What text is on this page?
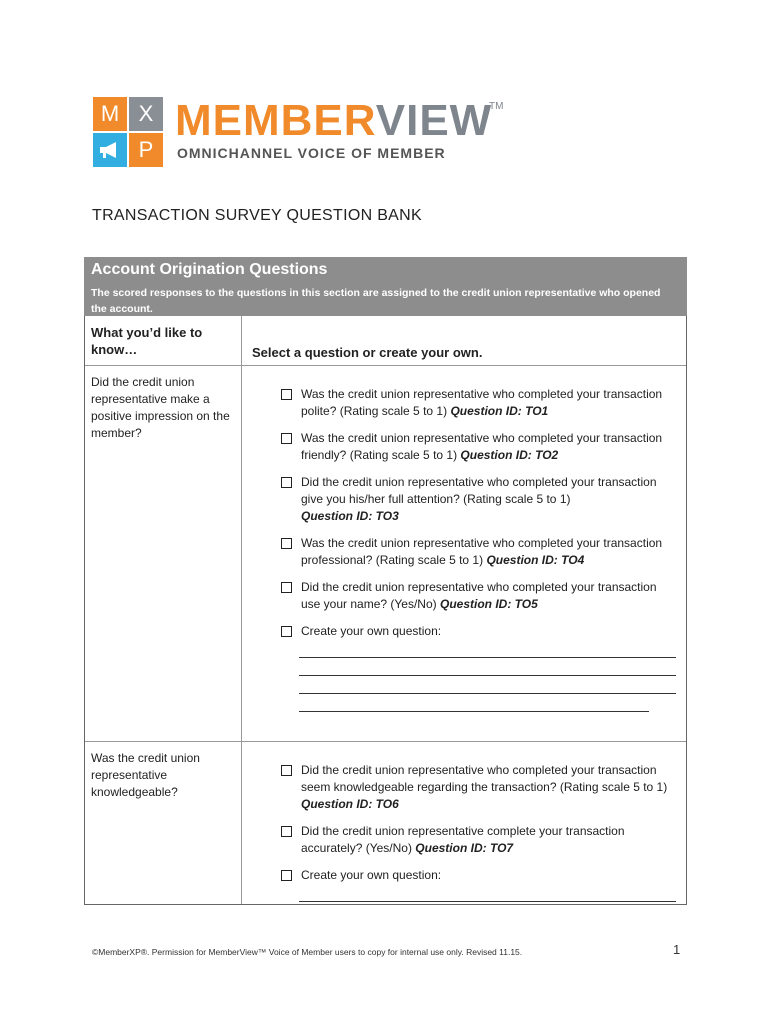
M X
P
MEMBERVIEW
TM
OMNICHANNEL VOICE OF MEMBER
TRANSACTION SURVEY QUESTION BANK
Account Origination Questions
The scored responses to the questions in this section are assigned to the credit union representative who opened the account.
What you’d like to know…	Select a question or create your own.
Did the credit union representative make a positive impression on the member?
Was the credit union representative who completed your transaction polite? (Rating scale 5 to 1) Question ID: TO1
Was the credit union representative who completed your transaction friendly? (Rating scale 5 to 1) Question ID: TO2
Did the credit union representative who completed your transaction give you his/her full attention? (Rating scale 5 to 1)
Question ID: TO3
Was the credit union representative who completed your transaction professional? (Rating scale 5 to 1) Question ID: TO4
Did the credit union representative who completed your transaction use your name? (Yes/No) Question ID: TO5
Create your own question:
Was the credit union representative knowledgeable?
Did the credit union representative who completed your transaction seem knowledgeable regarding the transaction? (Rating scale 5 to 1) Question ID: TO6
Did the credit union representative complete your transaction accurately? (Yes/No) Question ID: TO7
Create your own question:
©MemberXP®. Permission for MemberView™ Voice of Member users to copy for internal use only. Revised 11.15.	1
